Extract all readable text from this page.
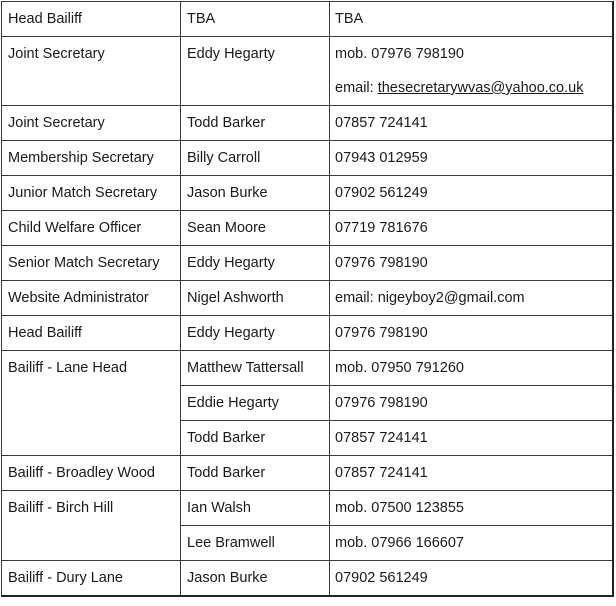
Head Bailiff	TBA	TBA
Joint Secretary	Eddy Hegarty	mob. 07976 798190
email: thesecretarywvas@yahoo.co.uk

Joint Secretary	Todd Barker	07857 724141
Membership Secretary	Billy Carroll	07943 012959
Junior Match Secretary	Jason Burke	07902 561249
Child Welfare Officer	Sean Moore	07719 781676
Senior Match Secretary	Eddy Hegarty	07976 798190
Website Administrator	Nigel Ashworth	email: nigeyboy2@gmail.com
Head Bailiff	Eddy Hegarty	07976 798190
Bailiff - Lane Head	Matthew Tattersall	mob. 07950 791260
	Eddie Hegarty	07976 798190
	Todd Barker	07857 724141
Bailiff - Broadley Wood	Todd Barker	07857 724141
Bailiff - Birch Hill	Ian Walsh	mob. 07500 123855
	Lee Bramwell	mob. 07966 166607
Bailiff - Dury Lane	Jason Burke	07902 561249
